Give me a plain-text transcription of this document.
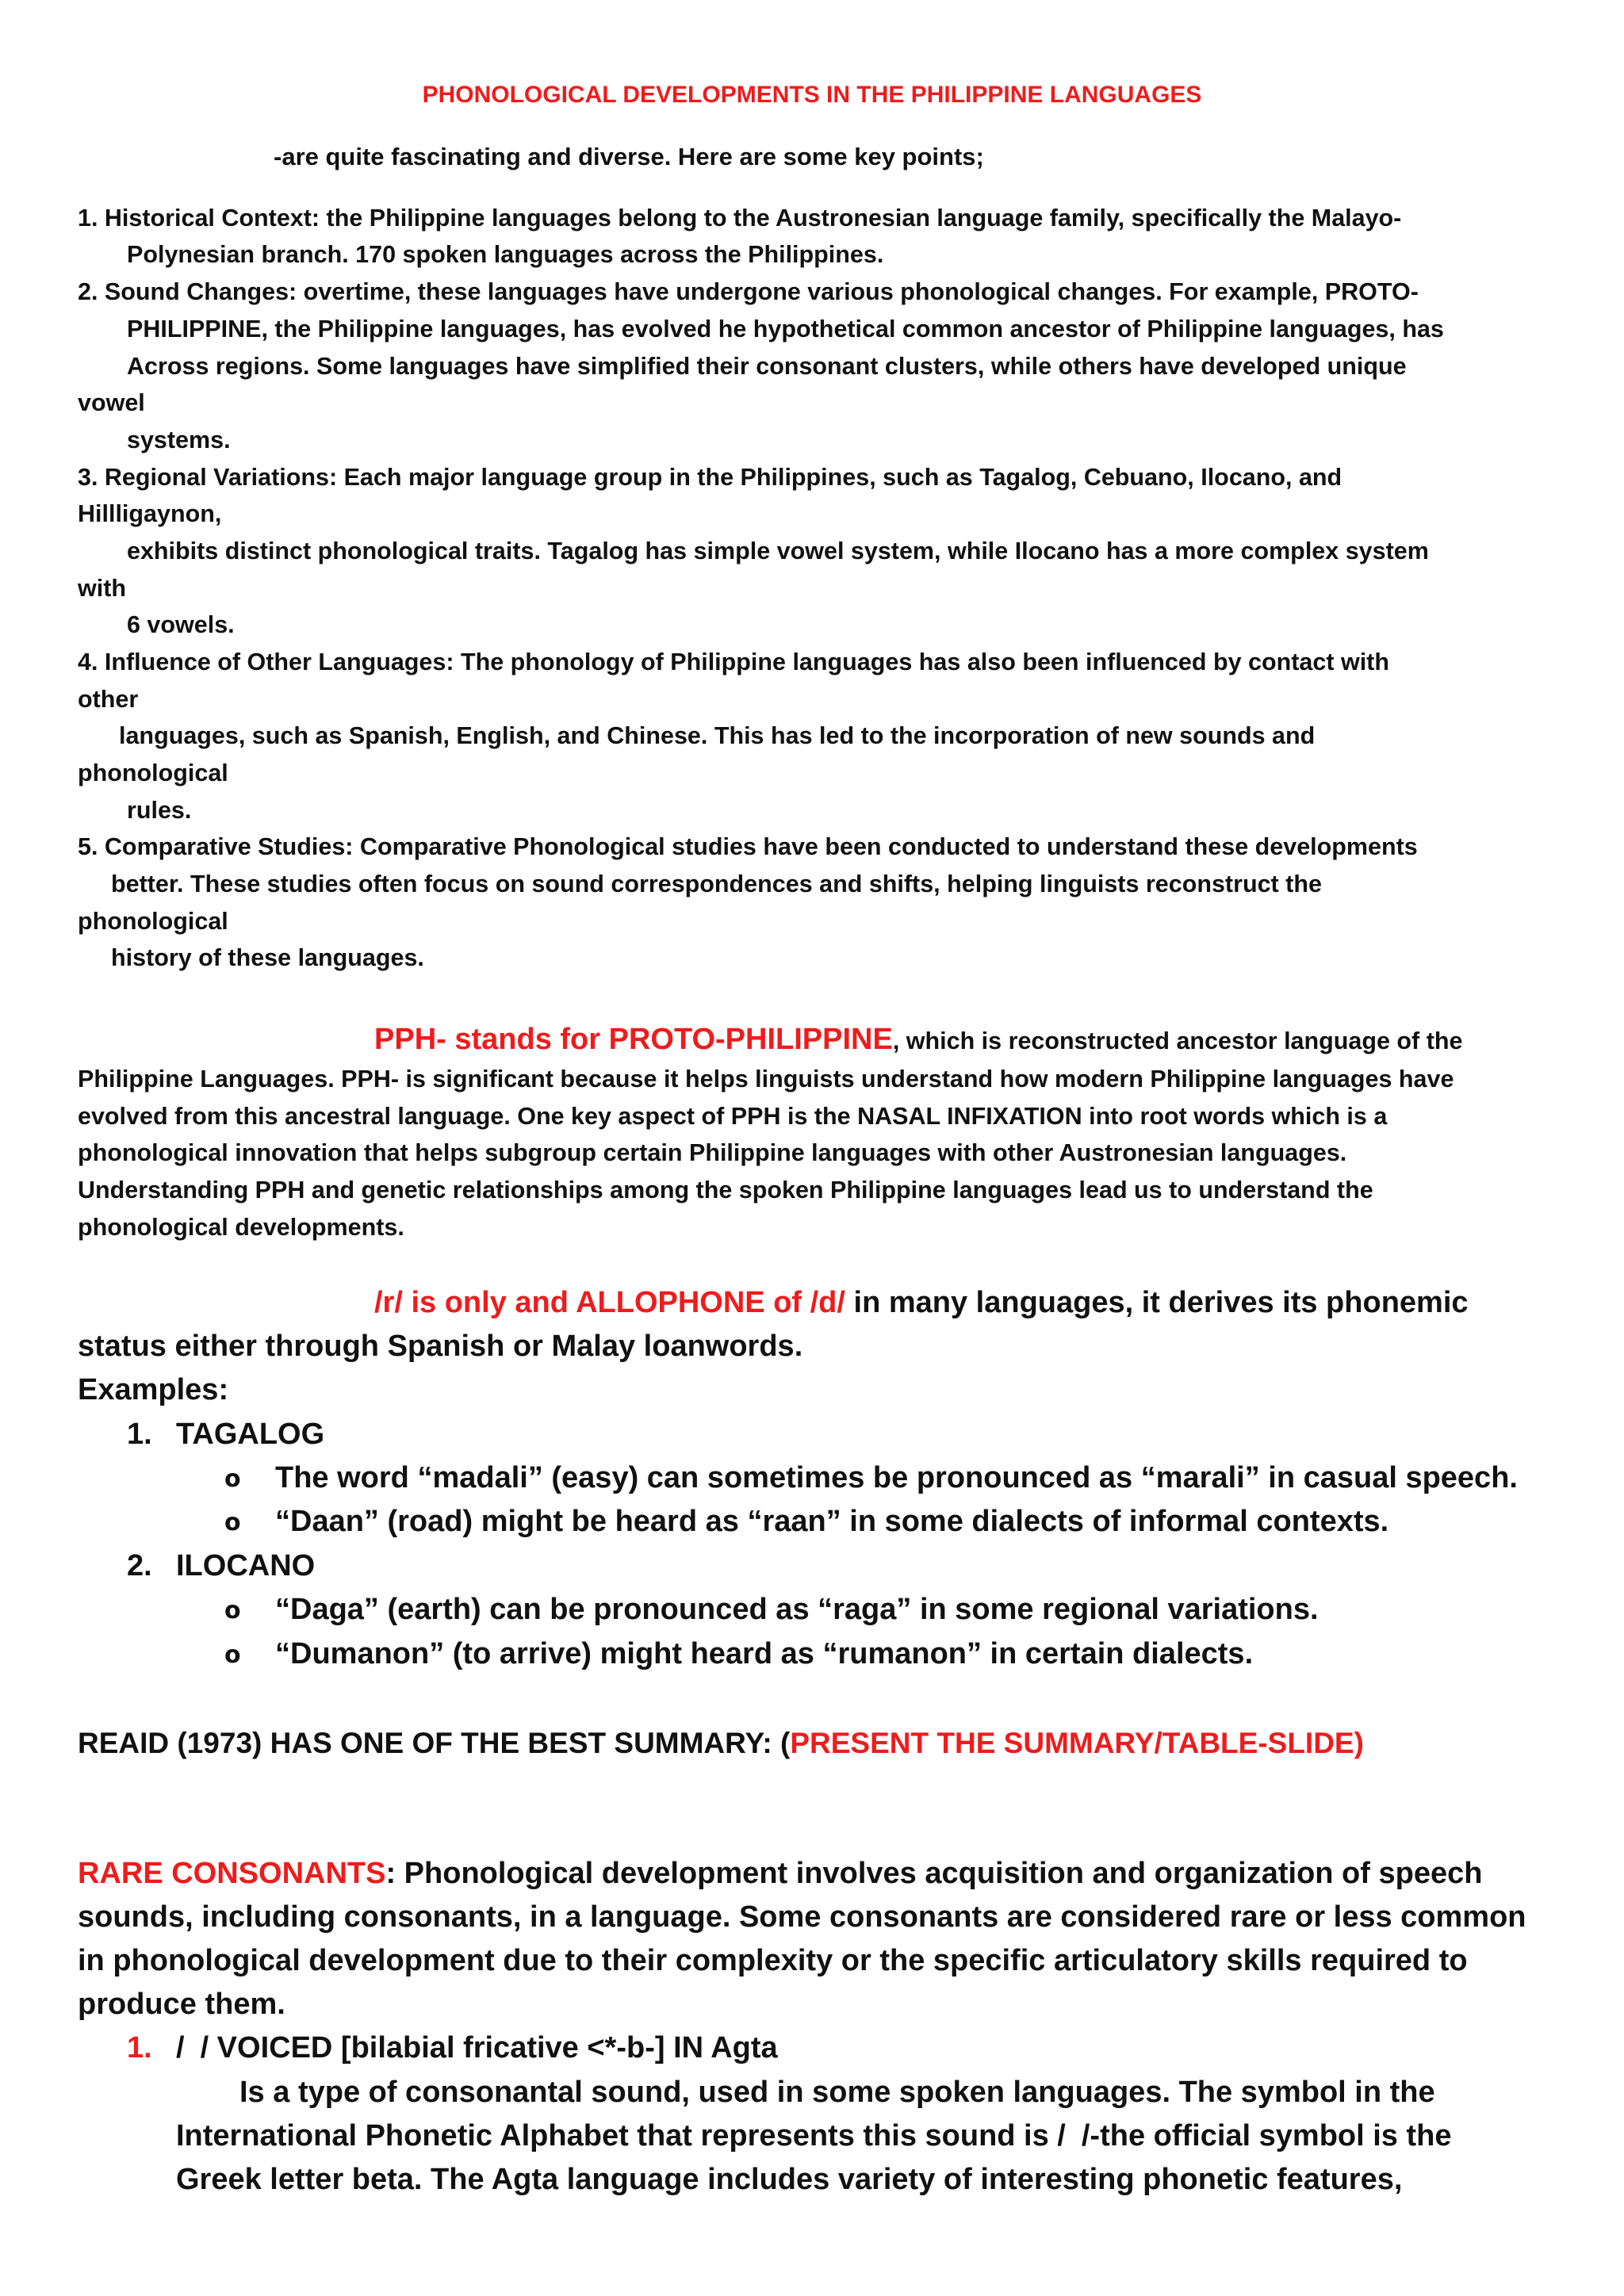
PHONOLOGICAL DEVELOPMENTS IN THE PHILIPPINE LANGUAGES
-are quite fascinating and diverse. Here are some key points;
1. Historical Context: the Philippine languages belong to the Austronesian language family, specifically the Malayo-
Polynesian branch. 170 spoken languages across the Philippines.
2. Sound Changes: overtime, these languages have undergone various phonological changes. For example, PROTO-
PHILIPPINE, the Philippine languages, has evolved he hypothetical common ancestor of Philippine languages, has
Across regions. Some languages have simplified their consonant clusters, while others have developed unique
vowel
systems.
3. Regional Variations: Each major language group in the Philippines, such as Tagalog, Cebuano, Ilocano, and
Hillligaynon,
exhibits distinct phonological traits. Tagalog has simple vowel system, while Ilocano has a more complex system
with
6 vowels.
4. Influence of Other Languages: The phonology of Philippine languages has also been influenced by contact with
other
languages, such as Spanish, English, and Chinese. This has led to the incorporation of new sounds and
phonological
rules.
5. Comparative Studies: Comparative Phonological studies have been conducted to understand these developments
better. These studies often focus on sound correspondences and shifts, helping linguists reconstruct the
phonological
history of these languages.
PPH- stands for PROTO-PHILIPPINE, which is reconstructed ancestor language of the
Philippine Languages. PPH- is significant because it helps linguists understand how modern Philippine languages have
evolved from this ancestral language. One key aspect of PPH is the NASAL INFIXATION into root words which is a
phonological innovation that helps subgroup certain Philippine languages with other Austronesian languages.
Understanding PPH and genetic relationships among the spoken Philippine languages lead us to understand the
phonological developments.
/r/ is only and ALLOPHONE of /d/ in many languages, it derives its phonemic
status either through Spanish or Malay loanwords.
Examples:
1. TAGALOG
o The word “madali” (easy) can sometimes be pronounced as “marali” in casual speech.
o “Daan” (road) might be heard as “raan” in some dialects of informal contexts.
2. ILOCANO
o “Daga” (earth) can be pronounced as “raga” in some regional variations.
o “Dumanon” (to arrive) might heard as “rumanon” in certain dialects.
REAID (1973) HAS ONE OF THE BEST SUMMARY: (PRESENT THE SUMMARY/TABLE-SLIDE)
RARE CONSONANTS: Phonological development involves acquisition and organization of speech
sounds, including consonants, in a language. Some consonants are considered rare or less common
in phonological development due to their complexity or the specific articulatory skills required to
produce them.
1. / / VOICED [bilabial fricative <*-b-] IN Agta
Is a type of consonantal sound, used in some spoken languages. The symbol in the
International Phonetic Alphabet that represents this sound is / /-the official symbol is the
Greek letter beta. The Agta language includes variety of interesting phonetic features,
